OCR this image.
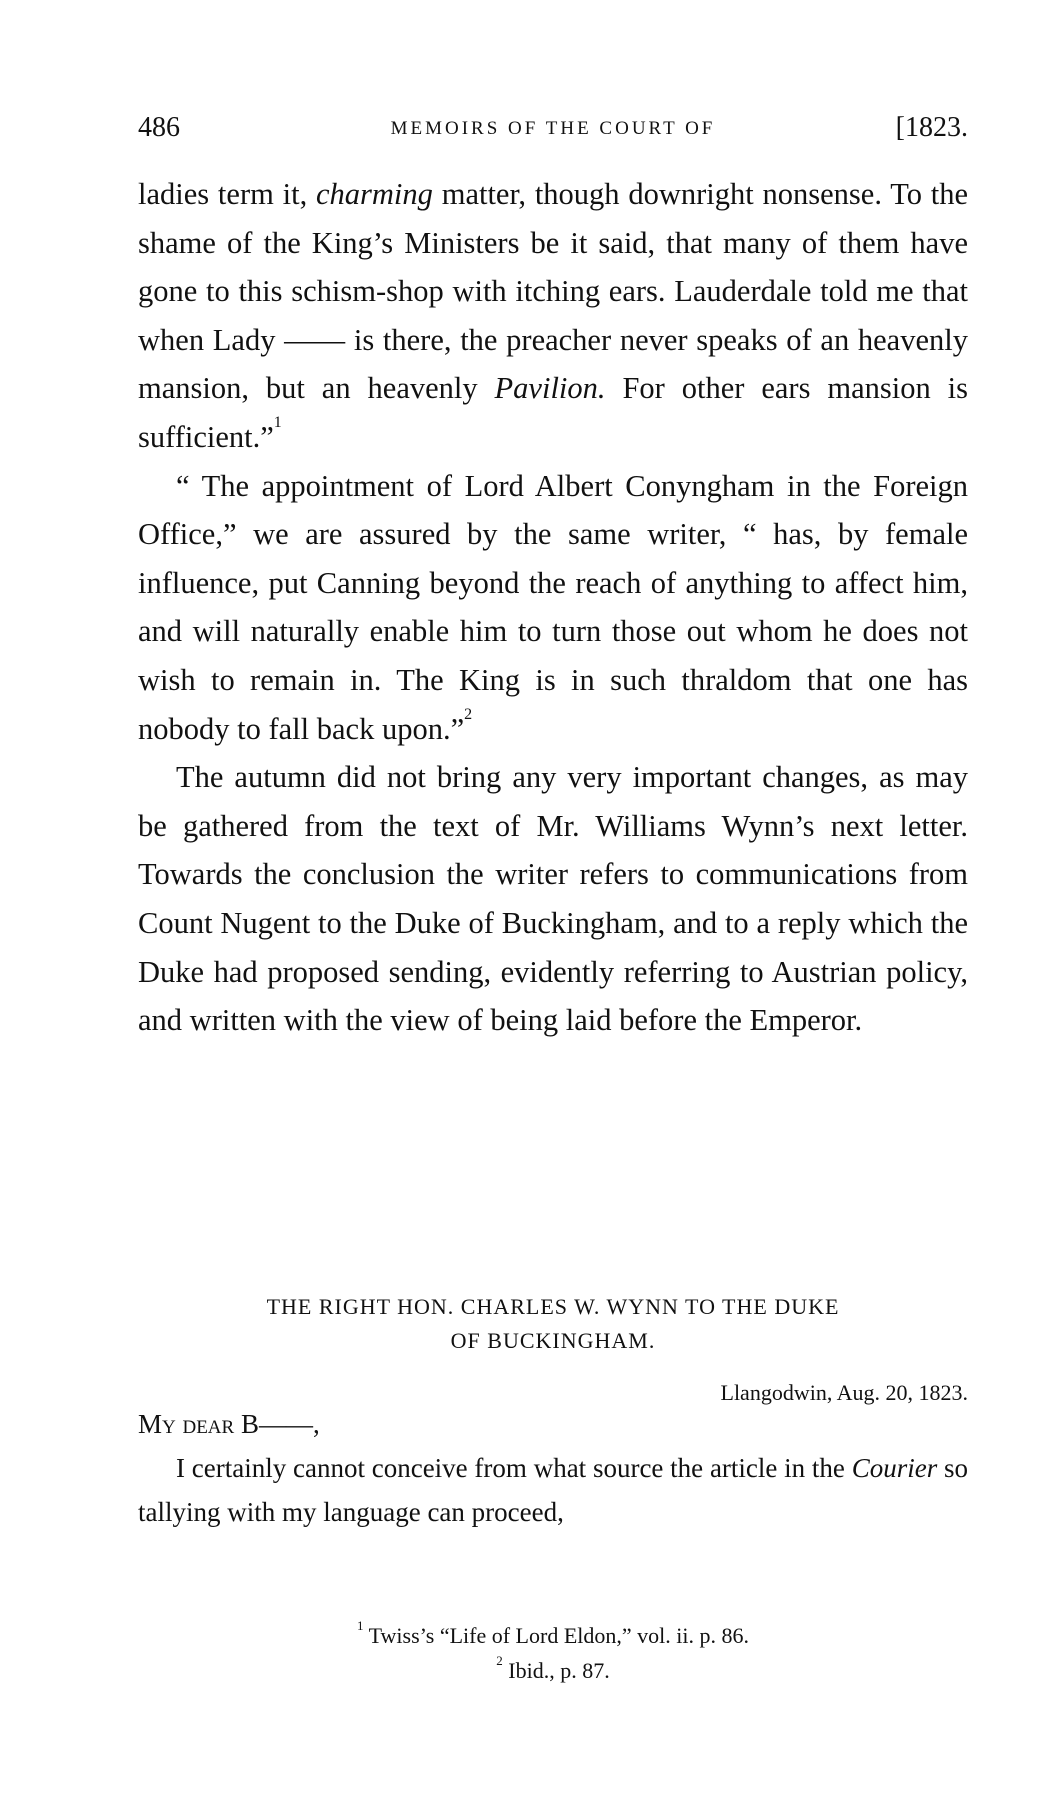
486	MEMOIRS OF THE COURT OF	[1823.

ladies term it, charming matter, though downright nonsense. To the shame of the King’s Ministers be it said, that many of them have gone to this schism-shop with itching ears. Lauderdale told me that when Lady —— is there, the preacher never speaks of an heavenly mansion, but an heavenly Pavilion. For other ears mansion is sufficient.”$^1$

“ The appointment of Lord Albert Conyngham in the Foreign Office,” we are assured by the same writer, “ has, by female influence, put Canning beyond the reach of anything to affect him, and will naturally enable him to turn those out whom he does not wish to remain in. The King is in such thraldom that one has nobody to fall back upon.”$^2$

The autumn did not bring any very important changes, as may be gathered from the text of Mr. Williams Wynn’s next letter. Towards the conclusion the writer refers to communications from Count Nugent to the Duke of Buckingham, and to a reply which the Duke had proposed sending, evidently referring to Austrian policy, and written with the view of being laid before the Emperor.

THE RIGHT HON. CHARLES W. WYNN TO THE DUKE
OF BUCKINGHAM.
Llangodwin, Aug. 20, 1823.

My dear B——,

I certainly cannot conceive from what source the article in the Courier so tallying with my language can proceed,

$^1$ Twiss’s “Life of Lord Eldon,” vol. ii. p. 86.
$^2$ Ibid., p. 87.
